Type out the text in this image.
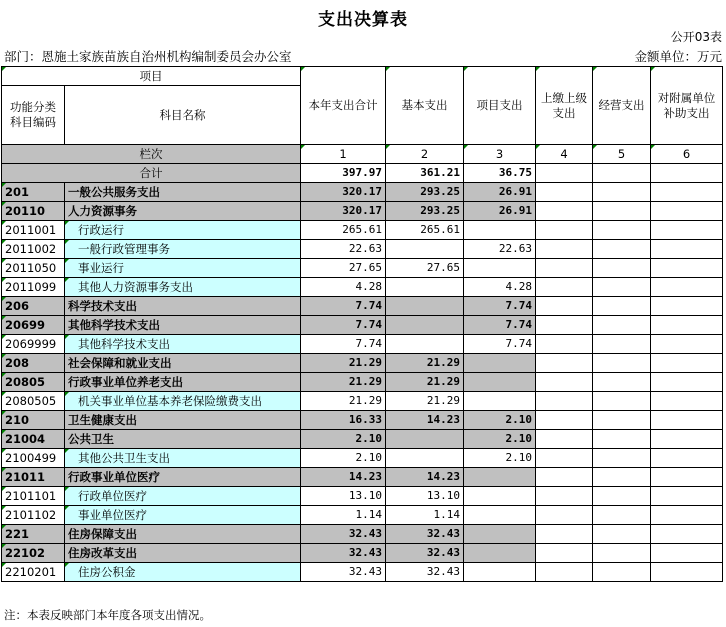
支出决算表
公开03表
部门：恩施土家族苗族自治州机构编制委员会办公室	金额单位：万元
项目		本年支出合计	基本支出	项目支出	上缴上级支出	经营支出	对附属单位补助支出
功能分类科目编码	科目名称						
栏次		1	2	3	4	5	6
合计		397.97	361.21	36.75			
201	一般公共服务支出	320.17	293.25	26.91			
20110	人力资源事务	320.17	293.25	26.91			
2011001	行政运行	265.61	265.61				
2011002	一般行政管理事务	22.63		22.63			
2011050	事业运行	27.65	27.65				
2011099	其他人力资源事务支出	4.28		4.28			
206	科学技术支出	7.74		7.74			
20699	其他科学技术支出	7.74		7.74			
2069999	其他科学技术支出	7.74		7.74			
208	社会保障和就业支出	21.29	21.29				
20805	行政事业单位养老支出	21.29	21.29				
2080505	机关事业单位基本养老保险缴费支出	21.29	21.29				
210	卫生健康支出	16.33	14.23	2.10			
21004	公共卫生	2.10		2.10			
2100499	其他公共卫生支出	2.10		2.10			
21011	行政事业单位医疗	14.23	14.23				
2101101	行政单位医疗	13.10	13.10				
2101102	事业单位医疗	1.14	1.14				
221	住房保障支出	32.43	32.43				
22102	住房改革支出	32.43	32.43				
2210201	住房公积金	32.43	32.43				
注：本表反映部门本年度各项支出情况。
